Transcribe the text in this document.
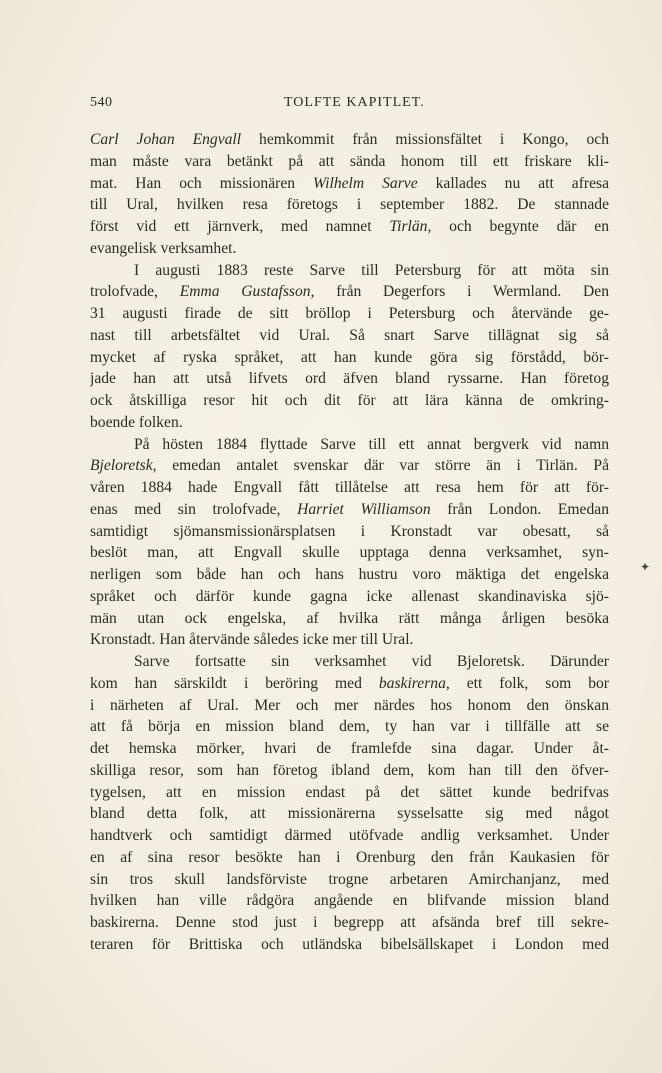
540	TOLFTE KAPITLET.
Carl Johan Engvall hemkommit från missionsfältet i Kongo, och
man måste vara betänkt på att sända honom till ett friskare kli-
mat. Han och missionären Wilhelm Sarve kallades nu att afresa
till Ural, hvilken resa företogs i september 1882. De stannade
först vid ett järnverk, med namnet Tirlän, och begynte där en
evangelisk verksamhet.
I augusti 1883 reste Sarve till Petersburg för att möta sin
trolofvade, Emma Gustafsson, från Degerfors i Wermland. Den
31 augusti firade de sitt bröllop i Petersburg och återvände ge-
nast till arbetsfältet vid Ural. Så snart Sarve tillägnat sig så
mycket af ryska språket, att han kunde göra sig förstådd, bör-
jade han att utså lifvets ord äfven bland ryssarne. Han företog
ock åtskilliga resor hit och dit för att lära känna de omkring-
boende folken.
På hösten 1884 flyttade Sarve till ett annat bergverk vid namn
Bjeloretsk, emedan antalet svenskar där var större än i Tirlän. På
våren 1884 hade Engvall fått tillåtelse att resa hem för att för-
enas med sin trolofvade, Harriet Williamson från London. Emedan
samtidigt sjömansmissionärsplatsen i Kronstadt var obesatt, så
beslöt man, att Engvall skulle upptaga denna verksamhet, syn-
nerligen som både han och hans hustru voro mäktiga det engelska
språket och därför kunde gagna icke allenast skandinaviska sjö-
män utan ock engelska, af hvilka rätt många årligen besöka
Kronstadt. Han återvände således icke mer till Ural.
Sarve fortsatte sin verksamhet vid Bjeloretsk. Därunder
kom han särskildt i beröring med baskirerna, ett folk, som bor
i närheten af Ural. Mer och mer närdes hos honom den önskan
att få börja en mission bland dem, ty han var i tillfälle att se
det hemska mörker, hvari de framlefde sina dagar. Under åt-
skilliga resor, som han företog ibland dem, kom han till den öfver-
tygelsen, att en mission endast på det sättet kunde bedrifvas
bland detta folk, att missionärerna sysselsatte sig med något
handtverk och samtidigt därmed utöfvade andlig verksamhet. Under
en af sina resor besökte han i Orenburg den från Kaukasien för
sin tros skull landsförviste trogne arbetaren Amirchanjanz, med
hvilken han ville rådgöra angående en blifvande mission bland
baskirerna. Denne stod just i begrepp att afsända bref till sekre-
teraren för Brittiska och utländska bibelsällskapet i London med
✦
